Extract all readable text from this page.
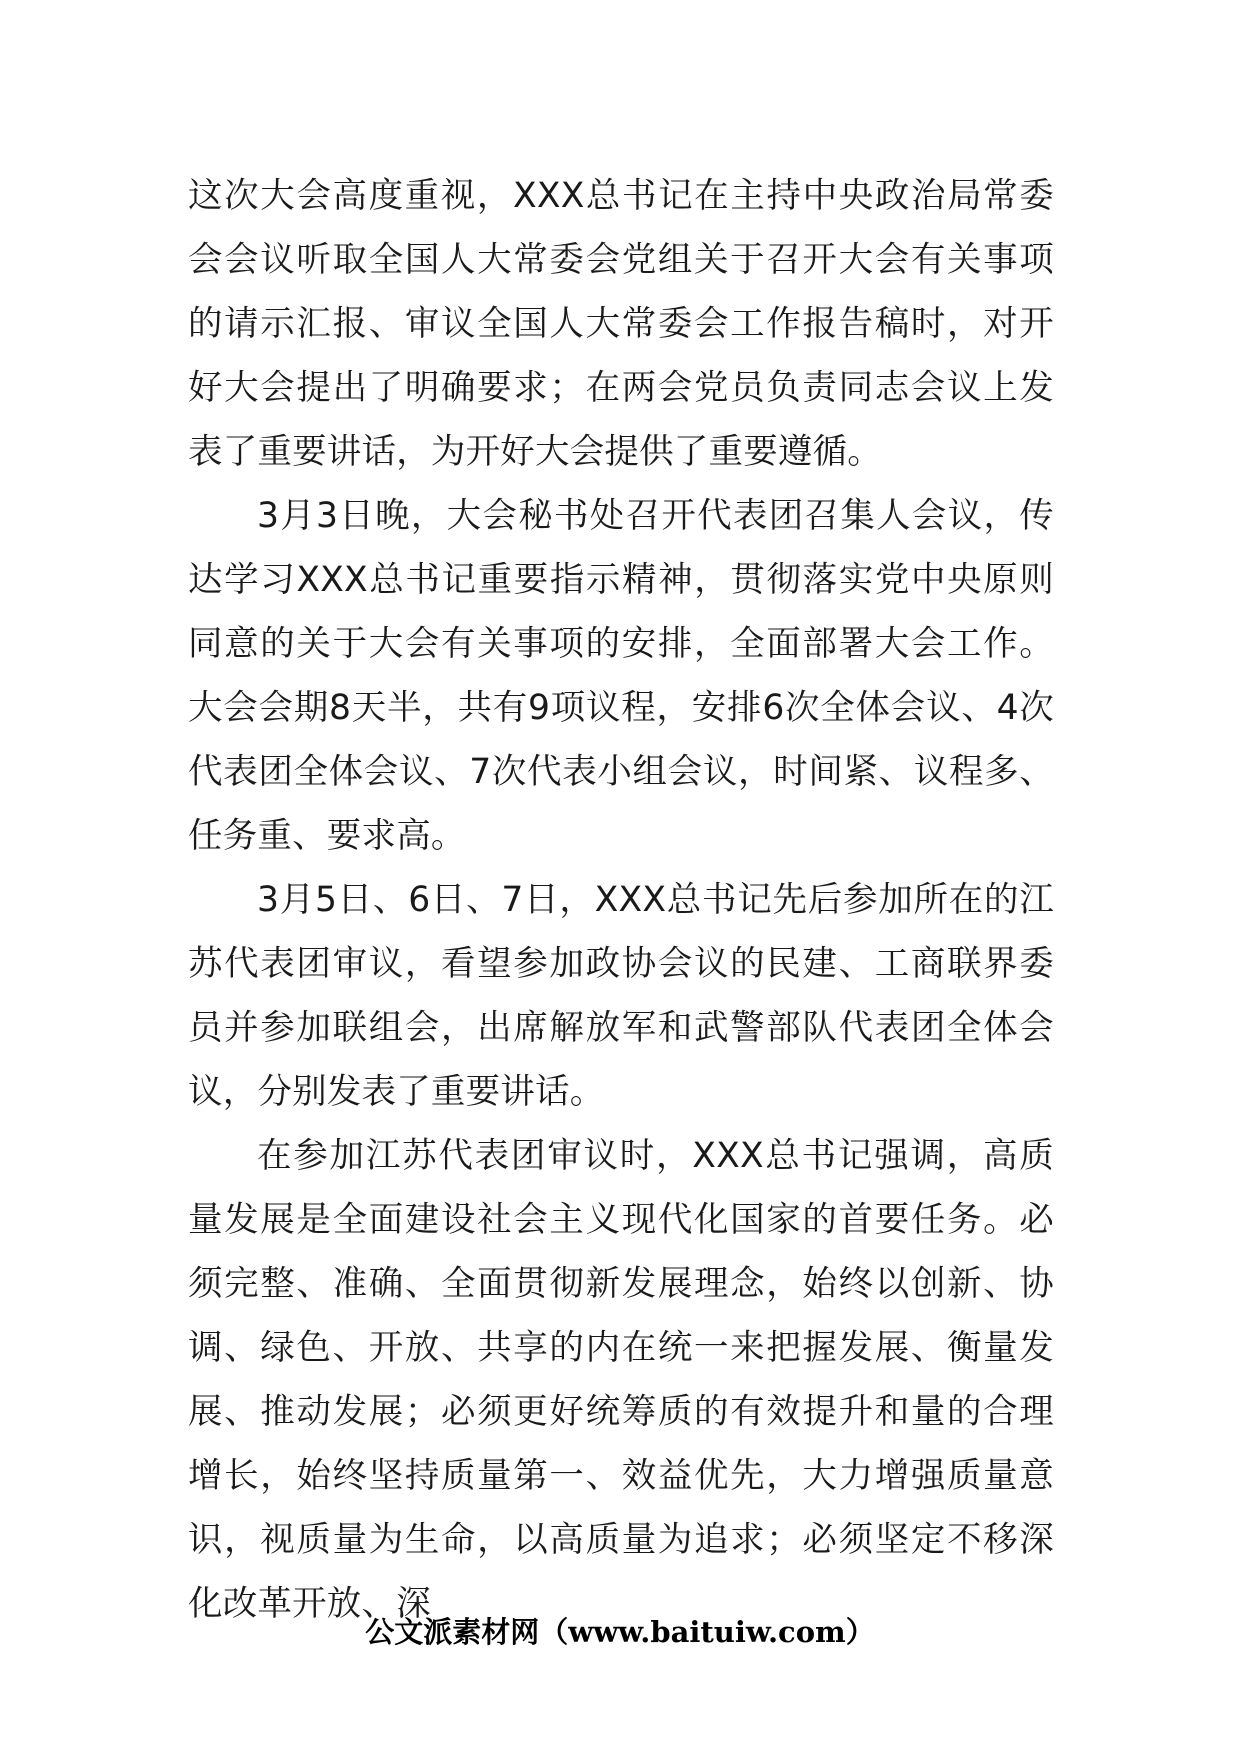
这次大会高度重视，XXX总书记在主持中央政治局常委会会议听取全国人大常委会党组关于召开大会有关事项的请示汇报、审议全国人大常委会工作报告稿时，对开好大会提出了明确要求；在两会党员负责同志会议上发表了重要讲话，为开好大会提供了重要遵循。

3月3日晚，大会秘书处召开代表团召集人会议，传达学习XXX总书记重要指示精神，贯彻落实党中央原则同意的关于大会有关事项的安排，全面部署大会工作。大会会期8天半，共有9项议程，安排6次全体会议、4次代表团全体会议、7次代表小组会议，时间紧、议程多、任务重、要求高。

3月5日、6日、7日，XXX总书记先后参加所在的江苏代表团审议，看望参加政协会议的民建、工商联界委员并参加联组会，出席解放军和武警部队代表团全体会议，分别发表了重要讲话。

在参加江苏代表团审议时，XXX总书记强调，高质量发展是全面建设社会主义现代化国家的首要任务。必须完整、准确、全面贯彻新发展理念，始终以创新、协调、绿色、开放、共享的内在统一来把握发展、衡量发展、推动发展；必须更好统筹质的有效提升和量的合理增长，始终坚持质量第一、效益优先，大力增强质量意识，视质量为生命，以高质量为追求；必须坚定不移深化改革开放、深

公文派素材网（www.baituiw.com）
